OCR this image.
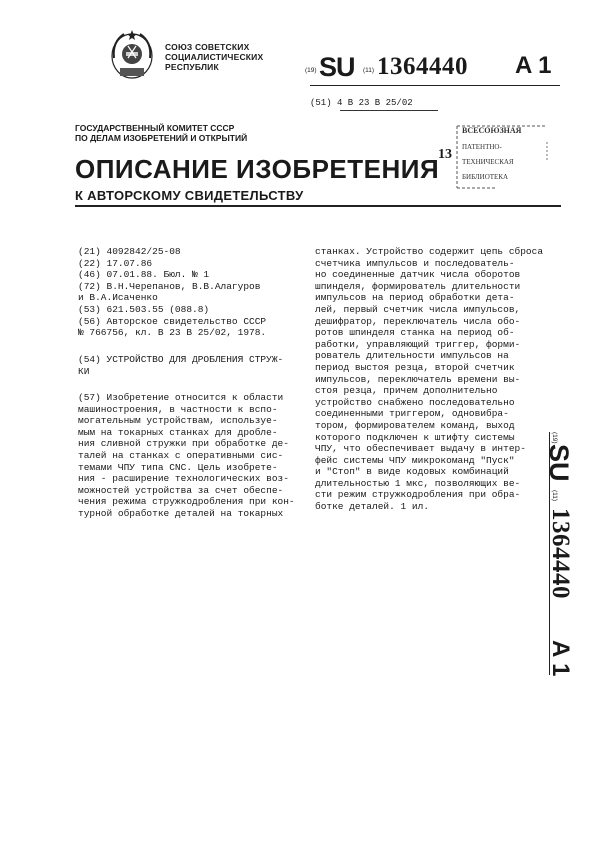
СОЮЗ СОВЕТСКИХ
СОЦИАЛИСТИЧЕСКИХ
РЕСПУБЛИК	(19) SU (11) 1364440 A 1
(51) 4 В 23 В 25/02
ГОСУДАРСТВЕННЫЙ КОМИТЕТ СССР
ПО ДЕЛАМ ИЗОБРЕТЕНИЙ И ОТКРЫТИЙ
13
ВСЕСОЮЗНАЯ
ПАТЕНТНО-
ТЕХНИЧЕСКАЯ
БИБЛИОТЕКА
ОПИСАНИЕ ИЗОБРЕТЕНИЯ
К АВТОРСКОМУ СВИДЕТЕЛЬСТВУ
(21) 4092842/25-08
(22) 17.07.86
(46) 07.01.88. Бюл. № 1
(72) В.Н.Черепанов, В.В.Алагуров
и В.А.Исаченко
(53) 621.503.55 (088.8)
(56) Авторское свидетельство СССР
№ 766756, кл. В 23 В 25/02, 1978.
(54) УСТРОЙСТВО ДЛЯ ДРОБЛЕНИЯ СТРУЖ-
КИ
(57) Изобретение относится к области
машиностроения, в частности к вспо-
могательным устройствам, используе-
мым на токарных станках для дробле-
ния сливной стружки при обработке де-
талей на станках с оперативными сис-
темами ЧПУ типа CNC. Цель изобрете-
ния - расширение технологических воз-
можностей устройства за счет обеспе-
чения режима стружкодробления при кон-
турной обработке деталей на токарных
станках. Устройство содержит цепь сброса
счетчика импульсов и последователь-
но соединенные датчик числа оборотов
шпинделя, формирователь длительности
импульсов на период обработки дета-
лей, первый счетчик числа импульсов,
дешифратор, переключатель числа обо-
ротов шпинделя станка на период об-
работки, управляющий триггер, форми-
рователь длительности импульсов на
период выстоя резца, второй счетчик
импульсов, переключатель времени вы-
стоя резца, причем дополнительно
устройство снабжено последовательно
соединенными триггером, одновибра-
тором, формирователем команд, выход
которого подключен к штифту системы
ЧПУ, что обеспечивает выдачу в интер-
фейс системы ЧПУ микрокоманд "Пуск"
и "Стоп" в виде кодовых комбинаций
длительностью 1 мкс, позволяющих ве-
сти режим стружкодробления при обра-
ботке деталей. 1 ил.
(19)
SU
(11)
1364440
A 1
